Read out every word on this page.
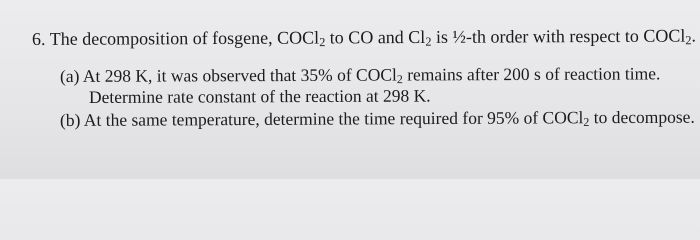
6. The decomposition of fosgene, COCl$_2$ to CO and $Cl_2$ is ½-th order with respect to COCl$_2$.
(a) At 298 K, it was observed that 35% of COCl$_2$ remains after 200 s of reaction time.
Determine rate constant of the reaction at 298 K.
(b) At the same temperature, determine the time required for 95% of COCl$_2$ to decompose.
